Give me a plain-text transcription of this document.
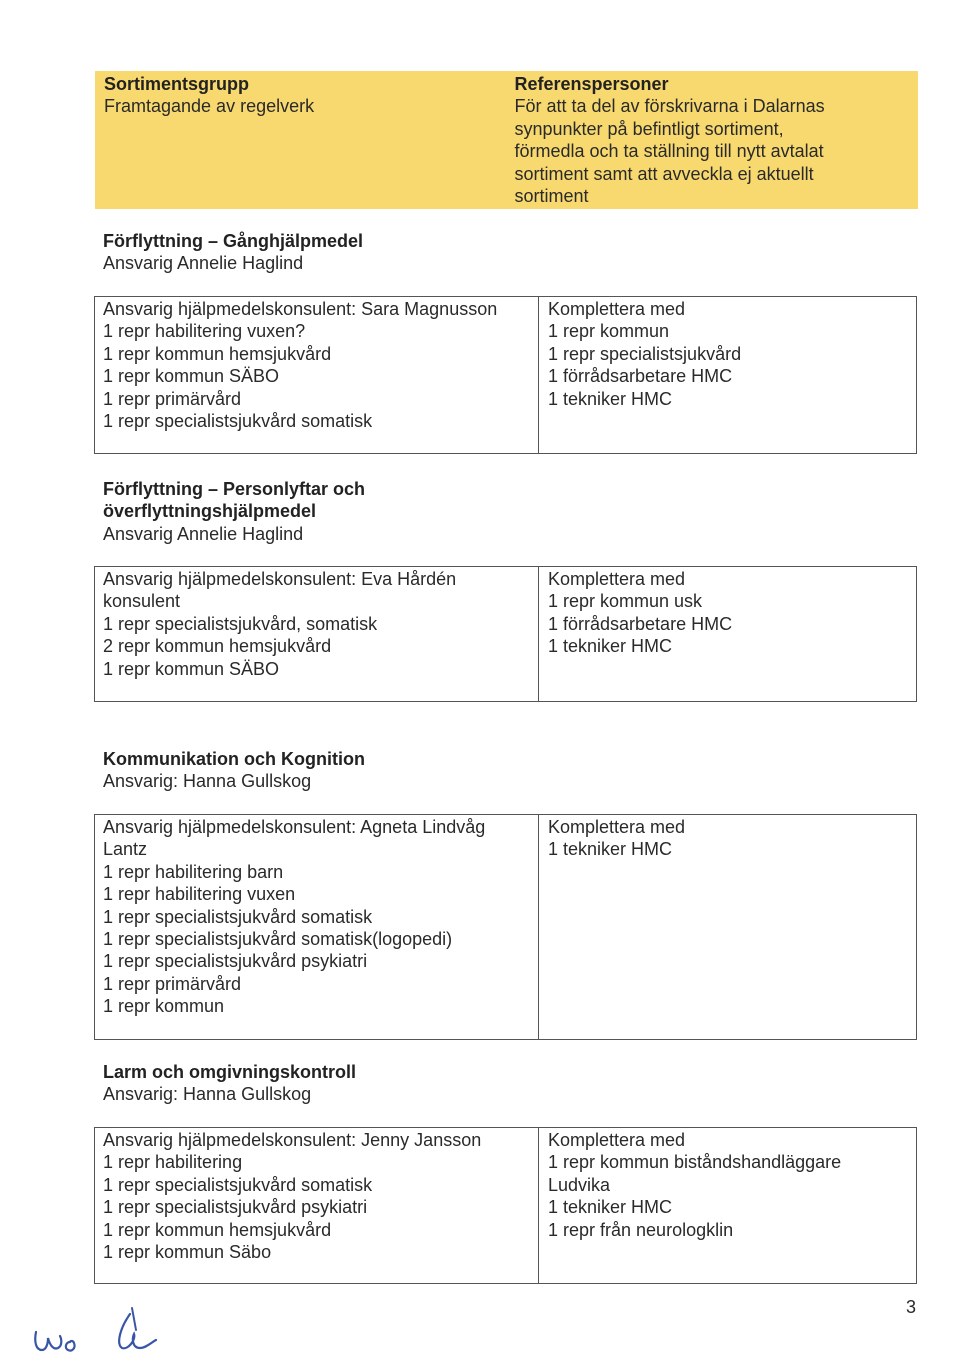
Sortimentsgrupp
Framtagande av regelverk
Referenspersoner
För att ta del av förskrivarna i Dalarnas
synpunkter på befintligt sortiment,
förmedla och ta ställning till nytt avtalat
sortiment samt att avveckla ej aktuellt
sortiment
Förflyttning – Gånghjälpmedel
Ansvarig Annelie Haglind
Ansvarig hjälpmedelskonsulent: Sara Magnusson
1 repr habilitering vuxen?
1 repr kommun hemsjukvård
1 repr kommun SÄBO
1 repr primärvård
1 repr specialistsjukvård somatisk
Komplettera med
1 repr kommun
1 repr specialistsjukvård
1 förrådsarbetare HMC
1 tekniker HMC
Förflyttning – Personlyftar och
överflyttningshjälpmedel
Ansvarig Annelie Haglind
Ansvarig hjälpmedelskonsulent: Eva Hårdén
konsulent
1 repr specialistsjukvård, somatisk
2 repr kommun hemsjukvård
1 repr kommun SÄBO
Komplettera med
1 repr kommun usk
1 förrådsarbetare HMC
1 tekniker HMC
Kommunikation och Kognition
Ansvarig: Hanna Gullskog
Ansvarig hjälpmedelskonsulent: Agneta Lindvåg
Lantz
1 repr habilitering barn
1 repr habilitering vuxen
1 repr specialistsjukvård somatisk
1 repr specialistsjukvård somatisk(logopedi)
1 repr specialistsjukvård psykiatri
1 repr primärvård
1 repr kommun
Komplettera med
1 tekniker HMC
Larm och omgivningskontroll
Ansvarig: Hanna Gullskog
Ansvarig hjälpmedelskonsulent: Jenny Jansson
1 repr habilitering
1 repr specialistsjukvård somatisk
1 repr specialistsjukvård psykiatri
1 repr kommun hemsjukvård
1 repr kommun Säbo
Komplettera med
1 repr kommun biståndshandläggare
Ludvika
1 tekniker HMC
1 repr från neurologklin
3
